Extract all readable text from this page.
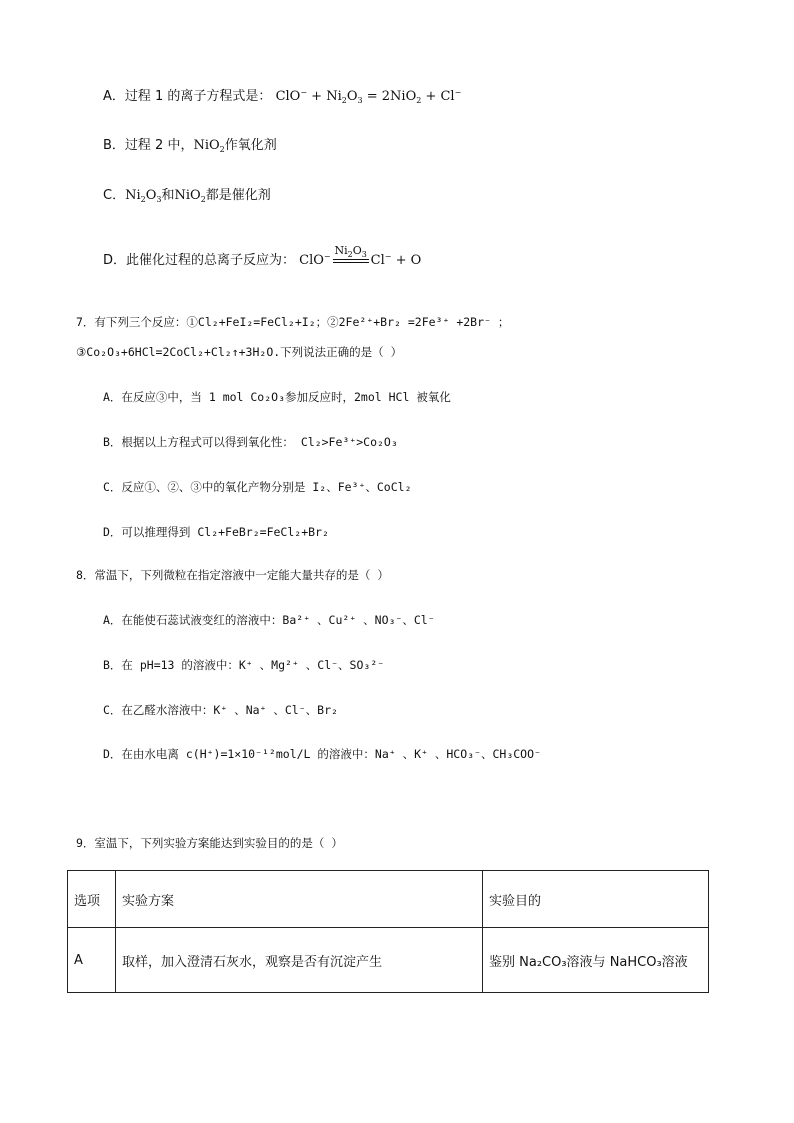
A．过程 1 的离子方程式是： $ClO^- + Ni_2O_3 = 2NiO_2 + Cl^-$
B．过程 2 中，NiO$_2$作氧化剂
C．$Ni_2O_3$和NiO$_2$都是催化剂
D．此催化过程的总离子反应为： ClO− $Ni_2O_3$ Cl− + O
7．有下列三个反应：①Cl₂+FeI₂=FeCl₂+I₂；②2Fe²⁺+Br₂ =2Fe³⁺ +2Br⁻ ；
③Co₂O₃+6HCl=2CoCl₂+Cl₂↑+3H₂O.下列说法正确的是（ ）
A．在反应③中，当 1 mol Co₂O₃参加反应时，2mol HCl 被氧化
B．根据以上方程式可以得到氧化性： Cl₂>Fe³⁺>Co₂O₃
C．反应①、②、③中的氧化产物分别是 I₂、Fe³⁺、CoCl₂
D．可以推理得到 Cl₂+FeBr₂=FeCl₂+Br₂
8．常温下，下列微粒在指定溶液中一定能大量共存的是（ ）
A．在能使石蕊试液变红的溶液中：Ba²⁺ 、Cu²⁺ 、NO₃⁻、Cl⁻
B．在 pH=13 的溶液中：K⁺ 、Mg²⁺ 、Cl⁻、SO₃²⁻
C．在乙醛水溶液中：K⁺ 、Na⁺ 、Cl⁻、Br₂
D．在由水电离 c(H⁺)=1×10⁻¹²mol/L 的溶液中：Na⁺ 、K⁺ 、HCO₃⁻、CH₃COO⁻
9．室温下，下列实验方案能达到实验目的的是（ ）
选项	实验方案	实验目的
A	取样，加入澄清石灰水，观察是否有沉淀产生	鉴别 Na₂CO₃溶液与 NaHCO₃溶液
